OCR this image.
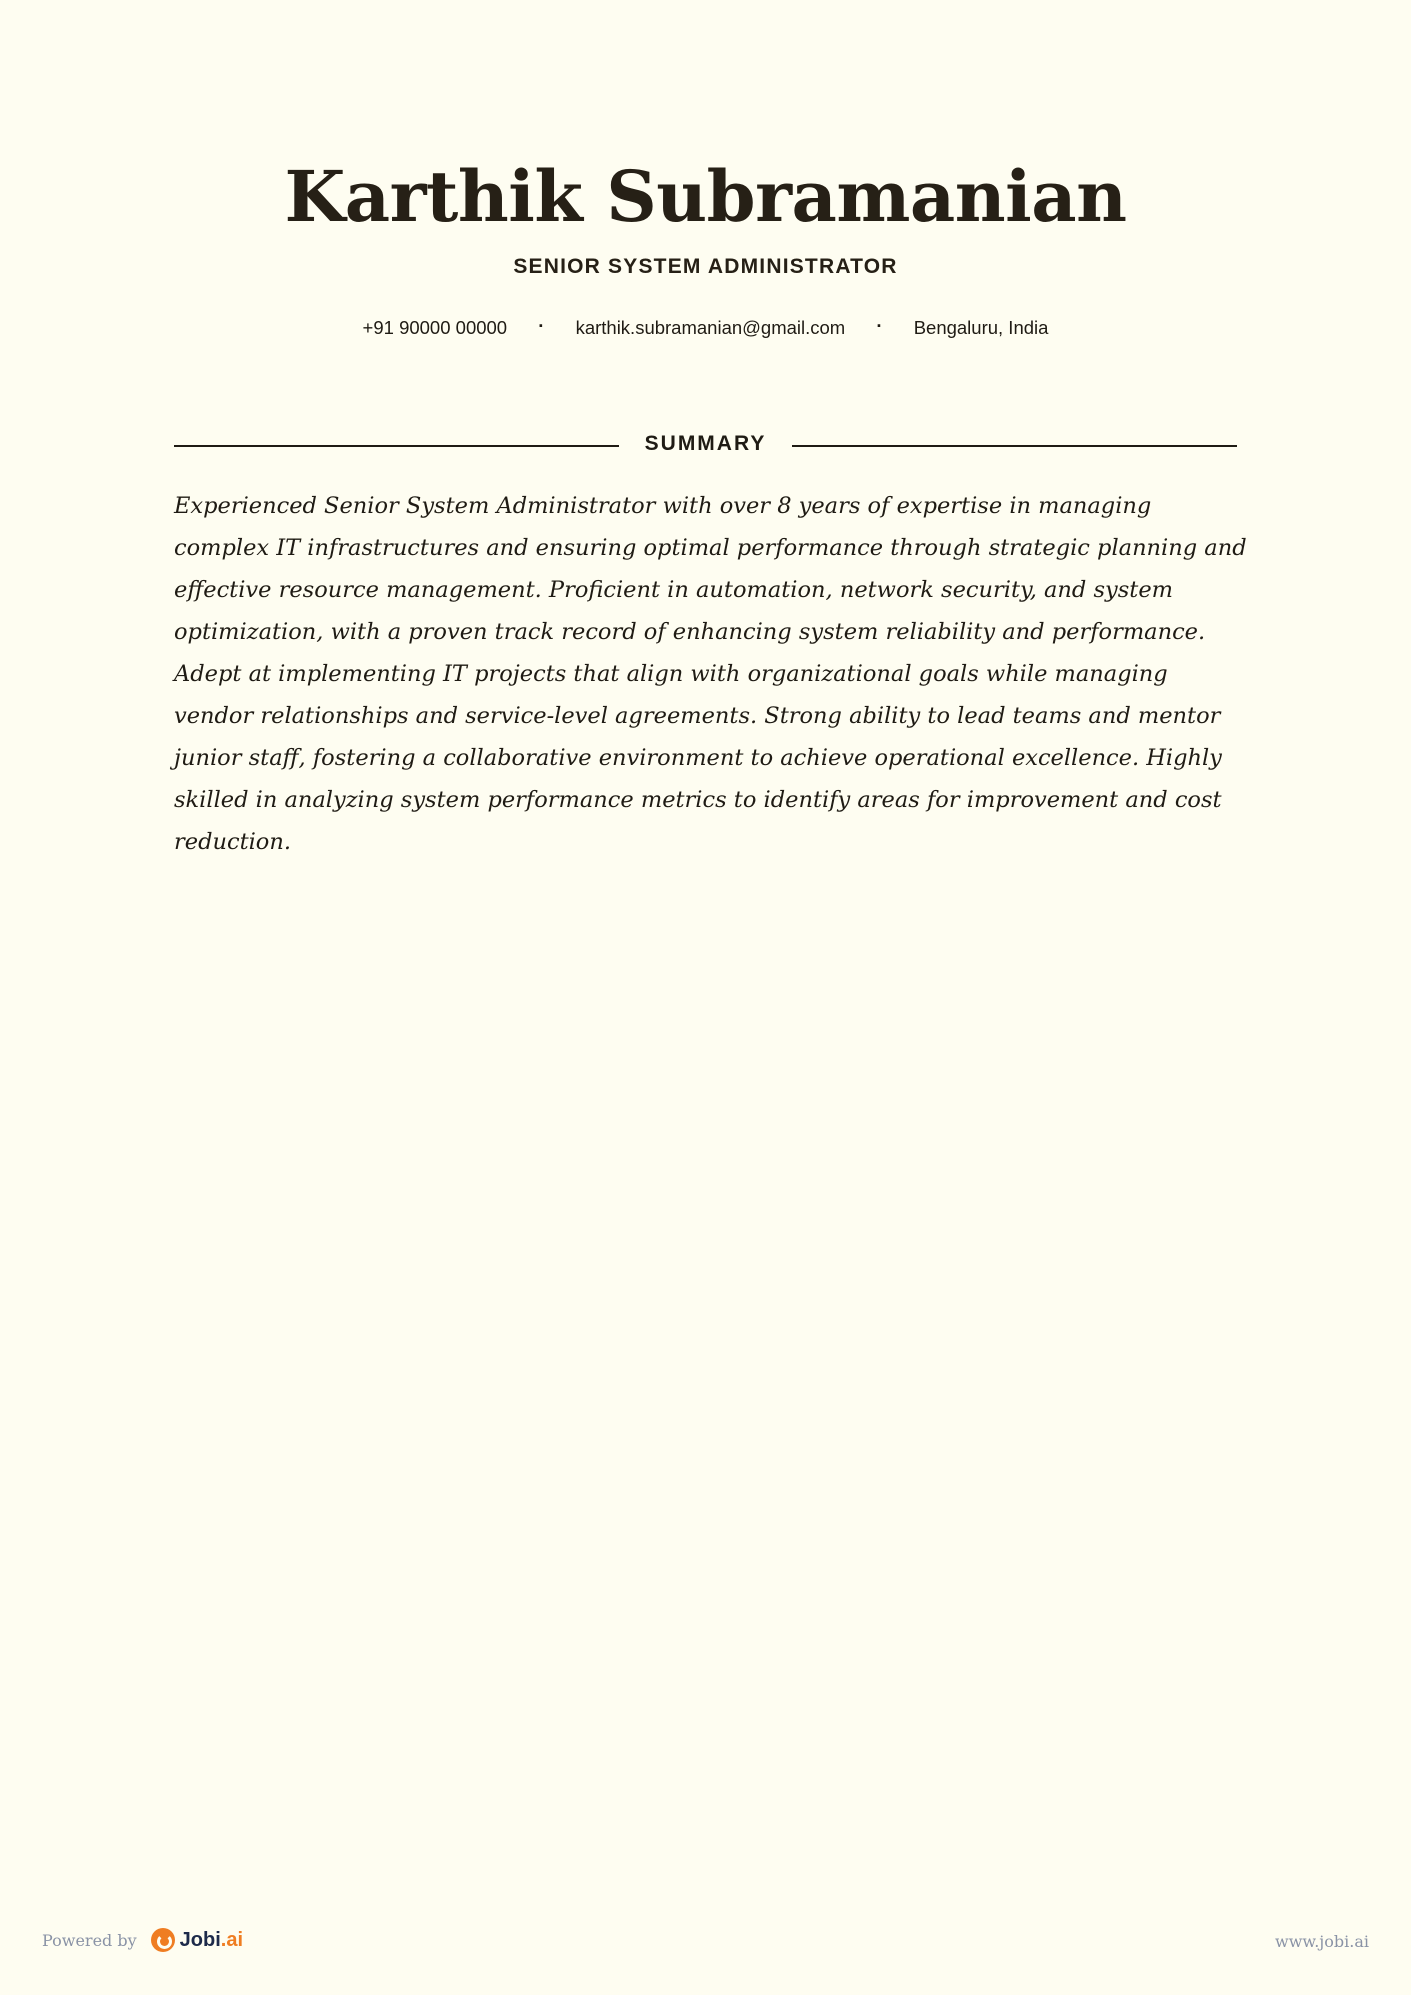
Karthik Subramanian
SENIOR SYSTEM ADMINISTRATOR
+91 90000 00000 · karthik.subramanian@gmail.com · Bengaluru, India
SUMMARY

Experienced Senior System Administrator with over 8 years of expertise in managing complex IT infrastructures and ensuring optimal performance through strategic planning and effective resource management. Proficient in automation, network security, and system optimization, with a proven track record of enhancing system reliability and performance. Adept at implementing IT projects that align with organizational goals while managing vendor relationships and service-level agreements. Strong ability to lead teams and mentor junior staff, fostering a collaborative environment to achieve operational excellence. Highly skilled in analyzing system performance metrics to identify areas for improvement and cost reduction.

Powered by Jobi.ai	www.jobi.ai
